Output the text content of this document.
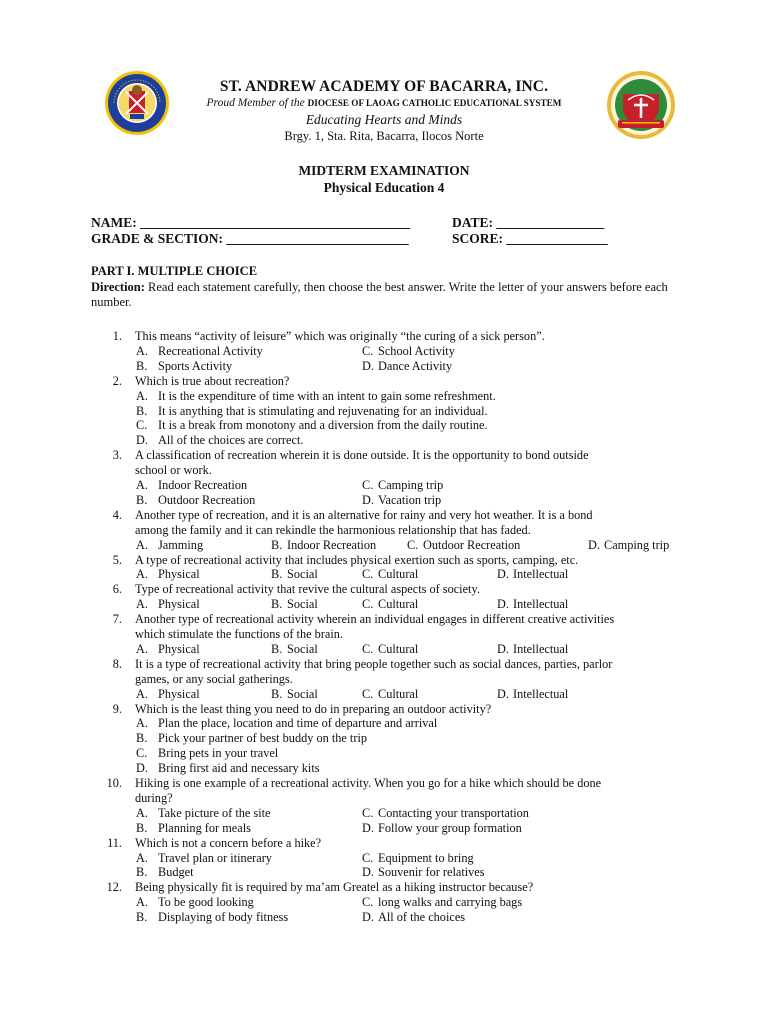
ST. ANDREW ACADEMY OF BACARRA, INC.
Proud Member of the DIOCESE OF LAOAG CATHOLIC EDUCATIONAL SYSTEM
Educating Hearts and Minds
Brgy. 1, Sta. Rita, Bacarra, Ilocos Norte
MIDTERM EXAMINATION
Physical Education 4
NAME: ________________________________________	DATE: ________________
GRADE & SECTION: ___________________________	SCORE: _______________
PART I. MULTIPLE CHOICE
Direction: Read each statement carefully, then choose the best answer. Write the letter of your answers before each number.
1. This means “activity of leisure” which was originally “the curing of a sick person”.
A. Recreational Activity	C. School Activity
B. Sports Activity	D. Dance Activity
2. Which is true about recreation?
A. It is the expenditure of time with an intent to gain some refreshment.
B. It is anything that is stimulating and rejuvenating for an individual.
C. It is a break from monotony and a diversion from the daily routine.
D. All of the choices are correct.
3. A classification of recreation wherein it is done outside. It is the opportunity to bond outside
school or work.
A. Indoor Recreation	C. Camping trip
B. Outdoor Recreation	D. Vacation trip
4. Another type of recreation, and it is an alternative for rainy and very hot weather. It is a bond
among the family and it can rekindle the harmonious relationship that has faded.
A. Jamming	B. Indoor Recreation	C. Outdoor Recreation	D. Camping trip
5. A type of recreational activity that includes physical exertion such as sports, camping, etc.
A. Physical	B. Social	C. Cultural	D. Intellectual
6. Type of recreational activity that revive the cultural aspects of society.
A. Physical	B. Social	C. Cultural	D. Intellectual
7. Another type of recreational activity wherein an individual engages in different creative activities
which stimulate the functions of the brain.
A. Physical	B. Social	C. Cultural	D. Intellectual
8. It is a type of recreational activity that bring people together such as social dances, parties, parlor
games, or any social gatherings.
A. Physical	B. Social	C. Cultural	D. Intellectual
9. Which is the least thing you need to do in preparing an outdoor activity?
A. Plan the place, location and time of departure and arrival
B. Pick your partner of best buddy on the trip
C. Bring pets in your travel
D. Bring first aid and necessary kits
10. Hiking is one example of a recreational activity. When you go for a hike which should be done
during?
A. Take picture of the site	C. Contacting your transportation
B. Planning for meals	D. Follow your group formation
11. Which is not a concern before a hike?
A. Travel plan or itinerary	C. Equipment to bring
B. Budget	D. Souvenir for relatives
12. Being physically fit is required by ma’am Greatel as a hiking instructor because?
A. To be good looking	C. long walks and carrying bags
B. Displaying of body fitness	D. All of the choices
